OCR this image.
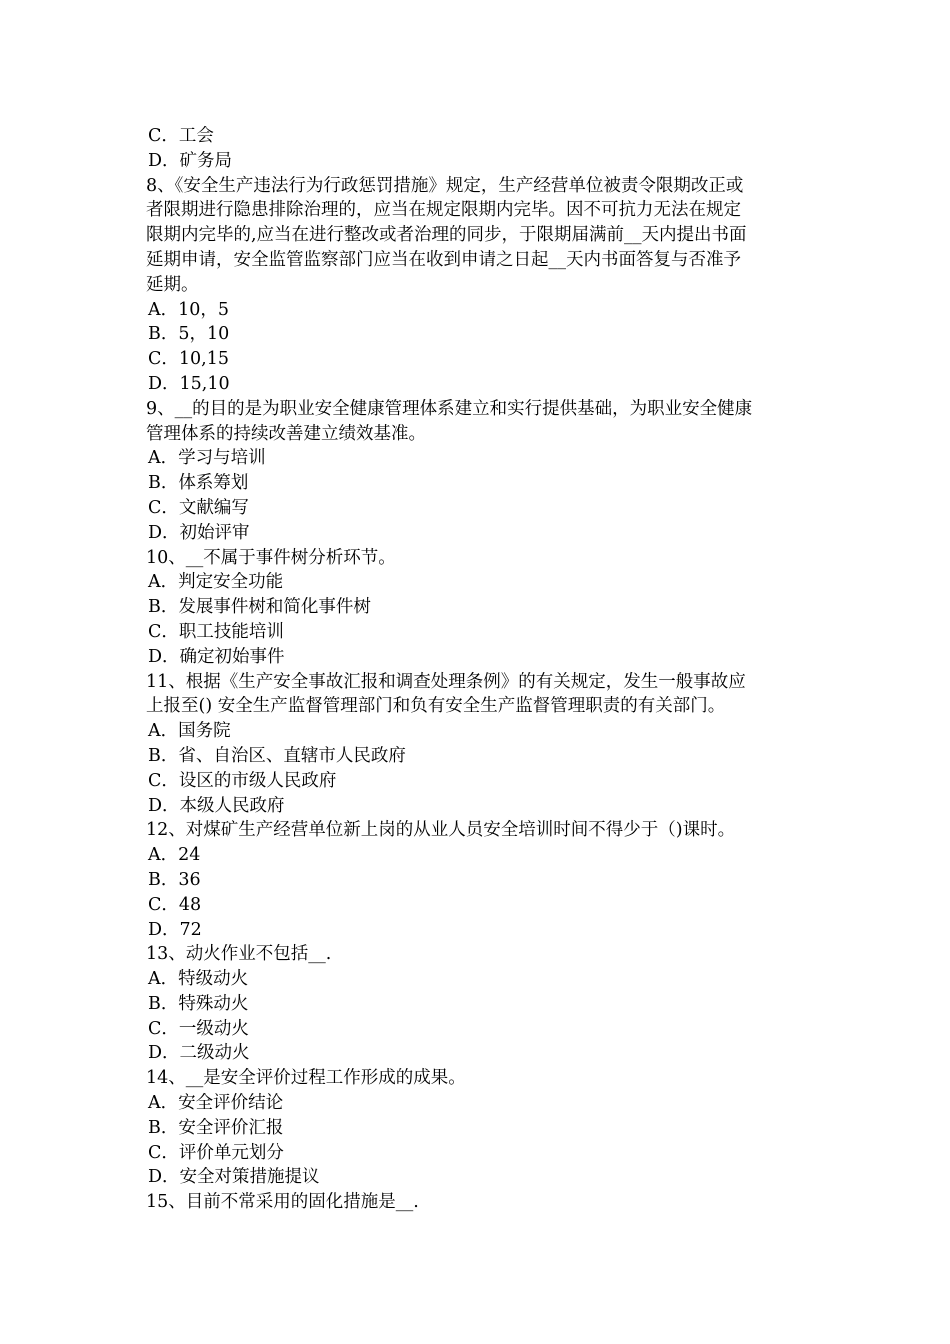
C．工会
D．矿务局
8、《安全生产违法行为行政惩罚措施》规定，生产经营单位被责令限期改正或
者限期进行隐患排除治理的，应当在规定限期内完毕。因不可抗力无法在规定
限期内完毕的,应当在进行整改或者治理的同步，于限期届满前__天内提出书面
延期申请，安全监管监察部门应当在收到申请之日起__天内书面答复与否准予
延期。
A．10，5
B．5，10
C．10,15
D．15,10
9、__的目的是为职业安全健康管理体系建立和实行提供基础，为职业安全健康
管理体系的持续改善建立绩效基准。
A．学习与培训
B．体系筹划
C．文献编写
D．初始评审
10、__不属于事件树分析环节。
A．判定安全功能
B．发展事件树和简化事件树
C．职工技能培训
D．确定初始事件
11、根据《生产安全事故汇报和调查处理条例》的有关规定，发生一般事故应
上报至() 安全生产监督管理部门和负有安全生产监督管理职责的有关部门。
A．国务院
B．省、自治区、直辖市人民政府
C．设区的市级人民政府
D．本级人民政府
12、对煤矿生产经营单位新上岗的从业人员安全培训时间不得少于（)课时。
A．24
B．36
C．48
D．72
13、动火作业不包括__.
A．特级动火
B．特殊动火
C．一级动火
D．二级动火
14、__是安全评价过程工作形成的成果。
A．安全评价结论
B．安全评价汇报
C．评价单元划分
D．安全对策措施提议
15、目前不常采用的固化措施是__.
